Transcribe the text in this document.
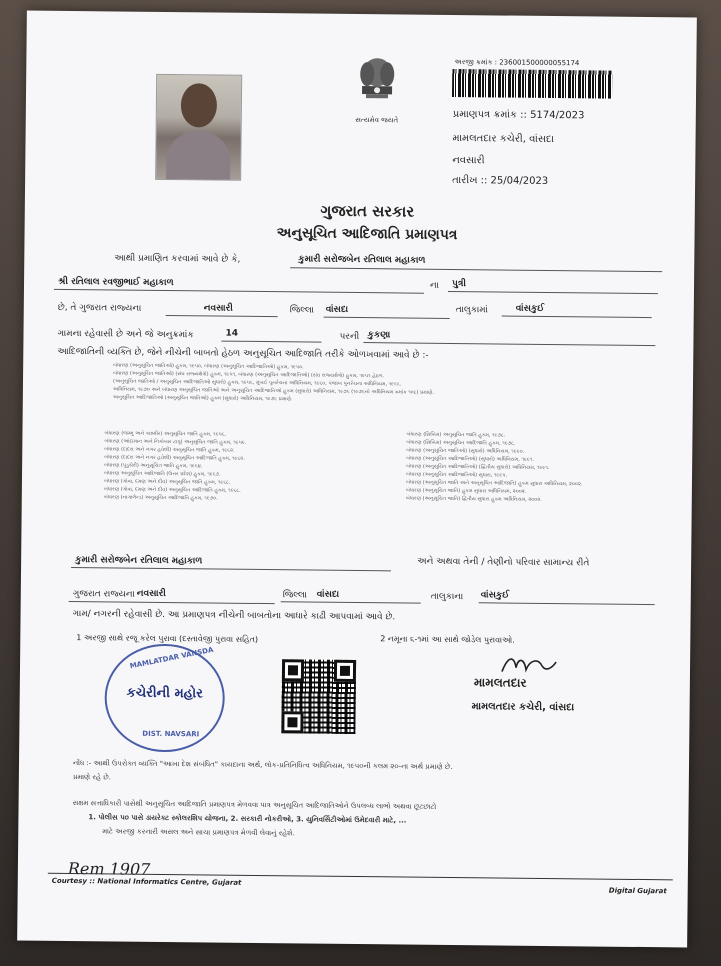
સત્યમેવ જયતે
અરજી ક્રમાંક : 236001500000055174
પ્રમાણપત્ર ક્રમાંક :: 5174/2023
મામલતદાર કચેરી, વાંસદા
નવસારી
તારીખ :: 25/04/2023
ગુજરાત સરકાર
અનુસૂચિત આદિજાતિ પ્રમાણપત્ર
આથી પ્રમાણિત કરવામાં આવે છે કે,	કુમારી સરોજબેન રતિલાલ મહાકાળ
શ્રી રતિલાલ રવજીભાઈ મહાકાળ	ના પુત્રી
છે, તે ગુજરાત રાજ્યના	નવસારી	જિલ્લા વાંસદા	તાલુકામાં	વાંસકુઈ
ગામના રહેવાસી છે અને જે અનુક્રમાંક	14	પરની કુકણા
આદિજાતિની વ્યક્તિ છે, જેને નીચેની બાબતો હેઠળ અનુસૂચિત આદિજાતિ તરીકે ઓળખવામાં આવે છે :-
બંધારણ (અનુસૂચિત જાતિઓ) હુકમ, ૧૯૫૦, બંધારણ (અનુસૂચિત આદિજાતિઓ) હુકમ, ૧૯૫૦.
બંધારણ (અનુસૂચિત જાતિઓ) (સંઘ રાજ્યક્ષેત્રો) હુકમ, ૧૯૫૧, બંધારણ (અનુસૂચિત આદિજાતિઓ) (સંઘ રાજ્યક્ષેત્રો) હુકમ, ૧૯૫૧ હેઠળ.
(અનુસૂચિત જાતિઓ / અનુસૂચિત આદિજાતિઓ સુધારો) હુકમ, ૧૯૫૬, મુંબઈ પુનર્રચના અધિનિયમ, ૧૯૬૦, પંજાબ પુનર્રચના અધિનિયમ, ૧૯૬૬.
અધિનિયમ, ૧૯૭૦ અને બંધારણ અનુસૂચિત જાતિઓ અને અનુસૂચિત આદિજાતિઓ હુકમ (સુધારો) અધિનિયમ, ૧૯૭૬ (૧૯૭૬નો અધિનિયમ ક્રમાંક ૧૦૮) પ્રમાણે.
અનુસૂચિત આદિજાતિઓ (અનુસૂચિત જાતિઓ) હુકમ (સુધારો) અધિનિયમ, ૧૯૭૬ પ્રમાણે.
બંધારણ (જમ્મુ અને કાશ્મીર) અનુસૂચિત જાતિ હુકમ, ૧૯૫૬.
બંધારણ (આંદામાન અને નિકોબાર ટાપુ) અનુસૂચિત જાતિ હુકમ, ૧૯૫૯.
બંધારણ (દાદરા અને નગર હવેલી) અનુસૂચિત જાતિ હુકમ, ૧૯૬૨.
બંધારણ (દાદરા અને નગર હવેલી) અનુસૂચિત આદિજાતિ હુકમ, ૧૯૬૨.
બંધારણ (પુડુચેરી) અનુસૂચિત જાતિ હુકમ, ૧૯૬૪.
બંધારણ અનુસૂચિત આદિજાતિ (ઉત્તર પ્રદેશ) હુકમ, ૧૯૬૭.
બંધારણ (ગોવા, દમણ અને દીવ) અનુસૂચિત જાતિ હુકમ, ૧૯૬૮.
બંધારણ (ગોવા, દમણ અને દીવ) અનુસૂચિત આદિજાતિ હુકમ, ૧૯૬૮.
બંધારણ (નાગાલેન્ડ) અનુસૂચિત આદિજાતિ હુકમ, ૧૯૭૦.
બંધારણ (સિક્કિમ) અનુસૂચિત જાતિ હુકમ, ૧૯૭૮.
બંધારણ (સિક્કિમ) અનુસૂચિત આદિજાતિ હુકમ, ૧૯૭૮.
બંધારણ (અનુસૂચિત જાતિઓ) (સુધારો) અધિનિયમ, ૧૯૯૦.
બંધારણ (અનુસૂચિત આદિજાતિઓ) (સુધારો) અધિનિયમ, ૧૯૯૧.
બંધારણ (અનુસૂચિત આદિજાતિઓ) (દ્વિતીય સુધારો) અધિનિયમ, ૧૯૯૧.
બંધારણ (અનુસૂચિત આદિજાતિઓ) સુધારા, ૧૯૯૫.
બંધારણ (અનુસૂચિત જાતિ અને અનુસૂચિત આદિજાતિ) હુકમ સુધારા અધિનિયમ, ૨૦૦૨.
બંધારણ (અનુસૂચિત જાતિ) હુકમ સુધારા અધિનિયમ, ૨૦૦૨.
બંધારણ (અનુસૂચિત જાતિ) દ્વિતીય સુધારા હુકમ અધિનિયમ, ૨૦૦૨.
કુમારી સરોજબેન રતિલાલ મહાકાળ	અને અથવા તેની / તેણીનો પરિવાર સામાન્ય રીતે
ગુજરાત રાજ્યના નવસારી	જિલ્લા વાંસદા	તાલુકાના વાંસકુઈ
ગામ/ નગરની રહેવાસી છે. આ પ્રમાણપત્ર નીચેની બાબતોના આધારે કાઢી આપવામાં આવે છે.
1 અરજી સાથે રજૂ કરેલ પુરાવા (દસ્તાવેજી પુરાવા સહિત)	2 નમૂના ૬-૧માં આ સાથે જોડેલ પુરાવાઓ.
MAMLATDAR VANSDA
કચેરીની મહોર
DIST. NAVSARI
મામલતદાર
મામલતદાર કચેરી, વાંસદા
નોંધ :- આથી ઉપરોક્ત વ્યક્તિ "આખા દેશ સંબંધિત" કાયદાના અર્થ, લોક-પ્રતિનિધિત્વ અધિનિયમ, ૧૯૫૦ની કલમ ૨૦-ના અર્થ પ્રમાણે છે.
પ્રમાણે રહે છે.
સક્ષમ સત્તાધિકારી પાસેથી અનુસૂચિત આદિજાતિ પ્રમાણપત્ર મેળવવા પાત્ર અનુસૂચિત આદિજાતિઓને ઉપલબ્ધ લાભો અથવા છૂટછાટો
1. પોલીસ ૫૦ પાસે ડાયરેક્ટ સ્કોલરશિપ યોજના, 2. સરકારી નોકરીઓ, 3. યુનિવર્સિટીઓમાં ઉમેદવારી માટે, ...
માટે અરજી કરનારી અસલ અને સાચા પ્રમાણપત્ર મેળવી લેવાનું રહેશે.
Rem 1907
Courtesy :: National Informatics Centre, Gujarat
Digital Gujarat
